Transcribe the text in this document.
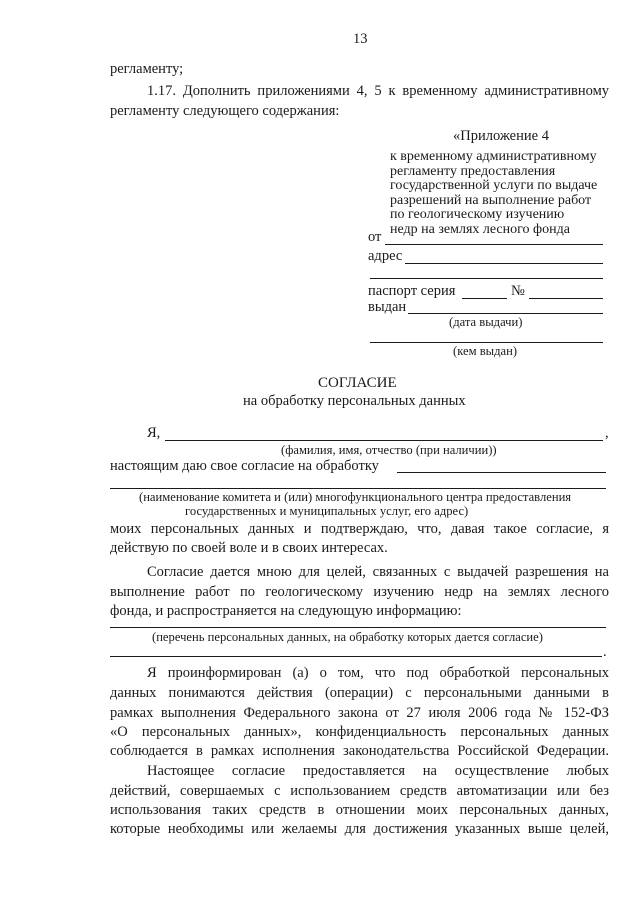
13
регламенту;
1.17. Дополнить приложениями 4, 5 к временному административному
регламенту следующего содержания:
«Приложение 4
к временному административному
регламенту предоставления
государственной услуги по выдаче
разрешений на выполнение работ
по геологическому изучению
недр на землях лесного фонда
от
адрес
паспорт серия	№
выдан
(дата выдачи)
(кем выдан)
СОГЛАСИЕ
на обработку персональных данных
Я,	,
(фамилия, имя, отчество (при наличии))
настоящим даю свое согласие на обработку
(наименование комитета и (или) многофункционального центра предоставления
государственных и муниципальных услуг, его адрес)
моих персональных данных и подтверждаю, что, давая такое согласие, я
действую по своей воле и в своих интересах.
Согласие дается мною для целей, связанных с выдачей разрешения на
выполнение работ по геологическому изучению недр на землях лесного
фонда, и распространяется на следующую информацию:
(перечень персональных данных, на обработку которых дается согласие)
.
Я проинформирован (а) о том, что под обработкой персональных
данных понимаются действия (операции) с персональными данными в
рамках выполнения Федерального закона от 27 июля 2006 года № 152-ФЗ
«О персональных данных», конфиденциальность персональных данных
соблюдается в рамках исполнения законодательства Российской Федерации.
Настоящее согласие предоставляется на осуществление любых
действий, совершаемых с использованием средств автоматизации или без
использования таких средств в отношении моих персональных данных,
которые необходимы или желаемы для достижения указанных выше целей,
